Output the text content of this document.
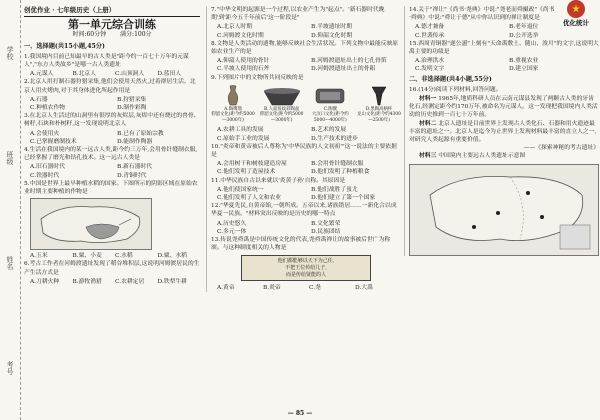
学校
班级
姓名
考号
创优作业 · 七年级历史（上册）
第一单元综合训练
时间:60分钟 满分:100分
一、选择题(共15小题,45分)
1.我国境内目前已知最早的古人类是"距今约一百七十万年的元谋人","东方人类故乡"是哪一古人类遗址
A.元谋人	B.北京人	C.山顶洞人	D.蓝田人
2.北京人用打制石器狩猎采集,他们会使用天然火,过着群居生活。北京人用火烤肉,对于其身体进化所起作用是
A.石器	B.狩猎采集
C.种植农作物	D.制作彩陶
3.在北京人生活过的山洞里有很厚的灰烬层,灰烬中还有烧过的兽骨、树籽,石块和朴树籽,这一发现说明北京人
A.会使用火	B.已有了原始宗教
C.已掌握磨制技术	D.能制作陶器
4.生活在我国境内的某一远古人类,距今约三万年,会用骨针缝制衣服,已经掌握了磨光和钻孔技术。这一远古人类是
A.旧石器时代	B.新石器时代
C.铁器时代	D.青铜时代
5.中国是世界上最早种植水稻的国家。下图所示的阴影区域在原始农业时期主要种植的作物是
A.玉米	B.粟、小麦	C.水稻	D.粟、水稻
6.考古工作者在河姆渡遗址发现了稻谷堆积层,这说明河姆渡居民的生产生活方式是
A.刀耕火种	B.游牧渔猎	C.农耕定居	D.铁犁牛耕
7."中华文明的起源是一个过程,以农业产生为"起点"。'新石器时代晚期'到'距今五千年前后'这一阶段是"
A.北京人时期	B.半坡遗址时期
C.河姆渡文化时期	D.仰韶文化时期
8.文物是人类活动的遗物,能够反映社会生活状况。下列文物中最能反映原始农业生产的是
A.仰韶人使用的骨针	B.河姆渡遗址出土的七孔骨笛
C.半坡人使用的石斧	D.河姆渡遗址出土的骨耜
9.下列图片中的文物所共同反映的是
A.陶鹰鼎
仰韶文化(距今约5000—3000年)
B.人面鱼纹彩陶盆
仰韶文化(距今约5000—3000年)
C.陶鬶
大汶口文化(距今约5000—4000年)
D.黑陶高柄杯
龙山文化(距今约4300—2500年)
A.农耕工具的发展	B.艺术的发展
C.原始手工业的发展	D.生产技术的进步
10."炎帝和黄帝被后人尊称为'中华民族的人文初祖'"这一说法的主要依据是
A.会用树干和树枝建造房屋	B.会用骨针缝制衣服
C.他们发明了造屋技术	D.他们发明了种植粮食
11.中华民族自古以来就以'炎黄子孙'自称。其原因是
A.他们使国家统一	B.他们战胜了蚩尤
C.他们发明了人文和农业	D.他们建立了第一个国家
12."华夏先民,自黄帝始,一朝所成。五帝以来,诸族错居……一新化合以成华夏一民族。"材料突出反映的是历史的哪一特点
A.历史悠久	B.文化繁荣
C.多元一体	D.民族团结
13.传说尧舜禹是中国传统文化的代表,尧舜禹禅让的故事被后世广为称颂。与这种制度相关的人物是
他们都能够以天下为己任,
不把王位传给儿子,
而是传给贤能的人
A.黄帝	B.炎帝	C.尧	D.大禹
14.关于"禅让"《尚书·尧典》中说:"尧老而舜摄政"《尚书·舜典》中说:"舜让于德"从中你认识到的禅让制度是
A.德才兼备	B.老年退位
C.世袭传承	D.公开选举
15.西周青铜器"遂公盨"上刻有"天命禹敷土、随山、浚川"的文字,这说明大禹主要的功绩是
A.治理洪水	B.重视农业
C.发明文字	D.建立国家
二、非选择题(共4小题,55分)
16.(14分)阅读下列材料,回答问题。
材料一 1965年,地质科研人员在云南元谋县发现了两颗古人类的牙齿化石,经测定距今约170万年,被命名为元谋人。这一发现把我国境内人类活动的历史推到一百七十万年前。
材料二 北京人遗址是目前世界上发现古人类化石、石器和用火遗迹最丰富的遗址之一。北京人是迄今为止世界上发现材料最丰富的直立人之一,对研究人类起源有重要价值。
——《探索神秘的考古遗址》
材料三 中国境内主要远古人类遗址示意图
★
优化统计
— 85 —
